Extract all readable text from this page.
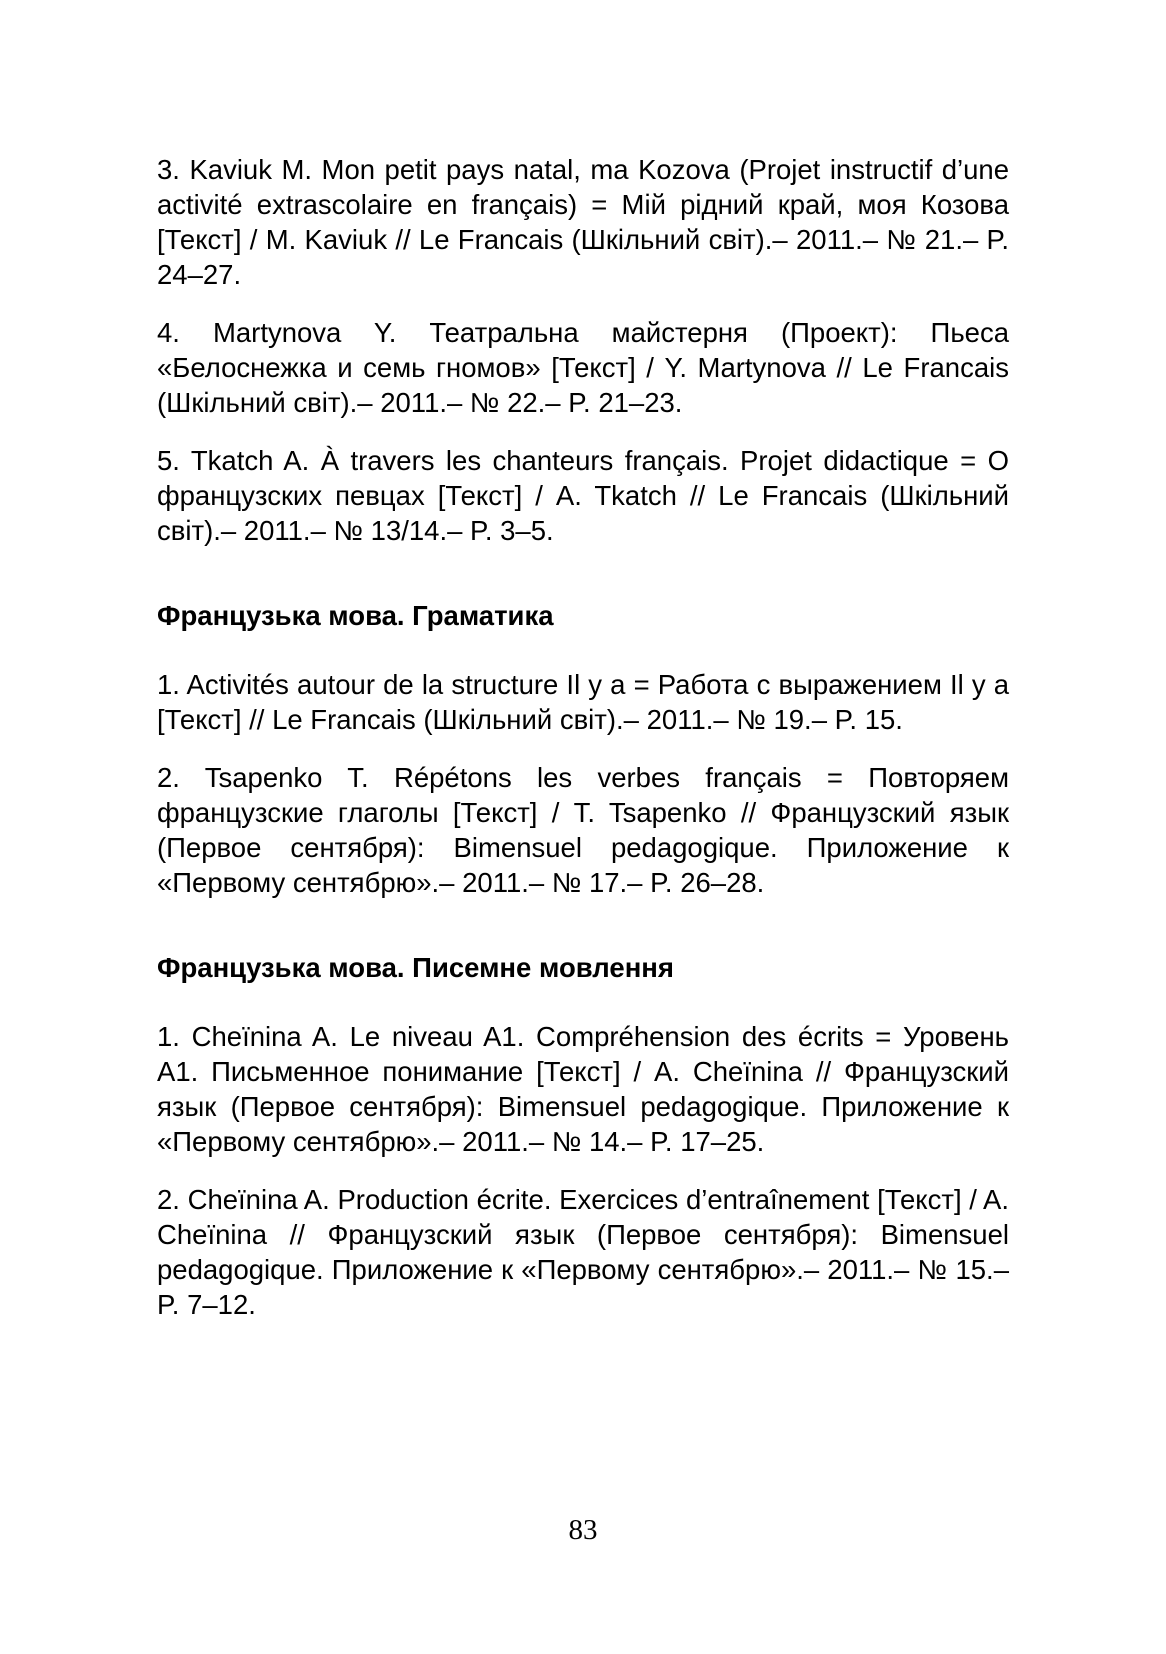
3. Kaviuk M. Mon petit pays natal, ma Kozova (Projet instructif d’une activité extrascolaire en français) = Мій рідний край, моя Козова [Текст] / M. Kaviuk // Le Francais (Шкільний світ).– 2011.– № 21.– P. 24–27.

4. Martynova Y. Театральна майстерня (Проект): Пьеса «Белоснежка и семь гномов» [Текст] / Y. Martynova // Le Francais (Шкільний світ).– 2011.– № 22.– P. 21–23.

5. Tkatch A. À travers les chanteurs français. Projet didactique = О французских певцах [Текст] / A. Tkatch // Le Francais (Шкільний світ).– 2011.– № 13/14.– P. 3–5.

Французька мова. Граматика

1. Activités autour de la structure Il y a = Работа с выражением Il y a [Текст] // Le Francais (Шкільний світ).– 2011.– № 19.– P. 15.

2. Tsapenko T. Répétons les verbes français = Повторяем французские глаголы [Текст] / T. Tsapenko // Французский язык (Первое сентября): Bimensuel pedagogique. Приложение к «Первому сентябрю».– 2011.– № 17.– P. 26–28.

Французька мова. Писемне мовлення

1. Cheïnina A. Le niveau A1. Compréhension des écrits = Уровень A1. Письменное понимание [Текст] / A. Cheïnina // Французский язык (Первое сентября): Bimensuel pedagogique. Приложение к «Первому сентябрю».– 2011.– № 14.– P. 17–25.

2. Cheïnina A. Production écrite. Exercices d’entraînement [Текст] / A. Cheïnina // Французский язык (Первое сентября): Bimensuel pedagogique. Приложение к «Первому сентябрю».– 2011.– № 15.– P. 7–12.

83
